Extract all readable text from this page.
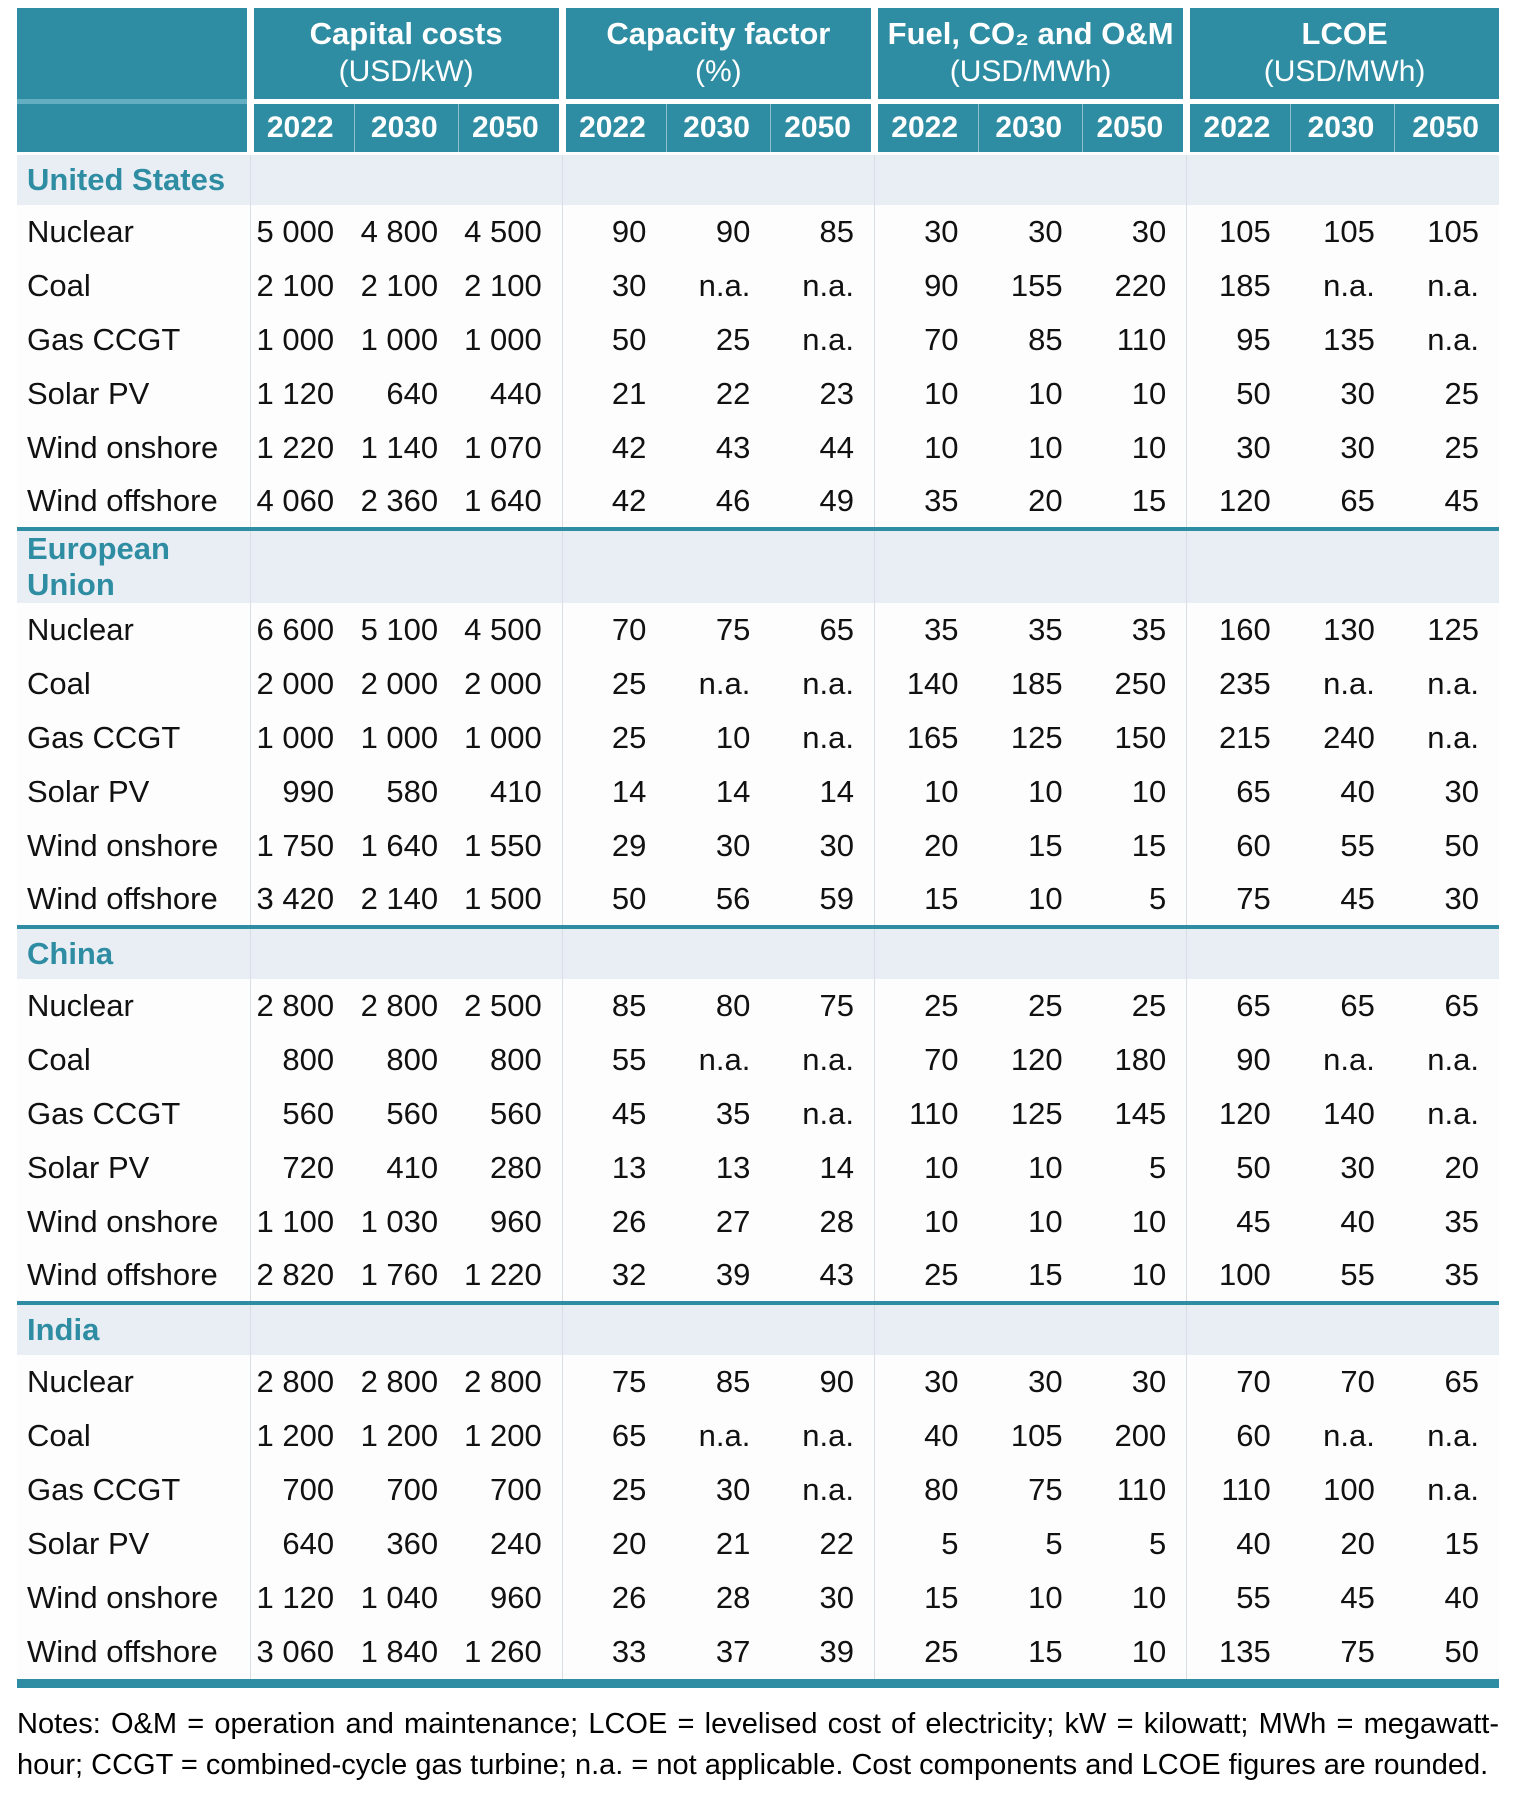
	Capital costs
(USD/kW)			Capacity factor
(%)			Fuel, CO₂ and O&M
(USD/MWh)			LCOE
(USD/MWh)		

	2022	2030	2050	2022	2030	2050	2022	2030	2050	2022	2030	2050
United States												
Nuclear	5 000	4 800	4 500	90	90	85	30	30	30	105	105	105
Coal	2 100	2 100	2 100	30	n.a.	n.a.	90	155	220	185	n.a.	n.a.
Gas CCGT	1 000	1 000	1 000	50	25	n.a.	70	85	110	95	135	n.a.
Solar PV	1 120	640	440	21	22	23	10	10	10	50	30	25
Wind onshore	1 220	1 140	1 070	42	43	44	10	10	10	30	30	25
Wind offshore	4 060	2 360	1 640	42	46	49	35	20	15	120	65	45
European Union												
Nuclear	6 600	5 100	4 500	70	75	65	35	35	35	160	130	125
Coal	2 000	2 000	2 000	25	n.a.	n.a.	140	185	250	235	n.a.	n.a.
Gas CCGT	1 000	1 000	1 000	25	10	n.a.	165	125	150	215	240	n.a.
Solar PV	990	580	410	14	14	14	10	10	10	65	40	30
Wind onshore	1 750	1 640	1 550	29	30	30	20	15	15	60	55	50
Wind offshore	3 420	2 140	1 500	50	56	59	15	10	5	75	45	30
China												
Nuclear	2 800	2 800	2 500	85	80	75	25	25	25	65	65	65
Coal	800	800	800	55	n.a.	n.a.	70	120	180	90	n.a.	n.a.
Gas CCGT	560	560	560	45	35	n.a.	110	125	145	120	140	n.a.
Solar PV	720	410	280	13	13	14	10	10	5	50	30	20
Wind onshore	1 100	1 030	960	26	27	28	10	10	10	45	40	35
Wind offshore	2 820	1 760	1 220	32	39	43	25	15	10	100	55	35
India												
Nuclear	2 800	2 800	2 800	75	85	90	30	30	30	70	70	65
Coal	1 200	1 200	1 200	65	n.a.	n.a.	40	105	200	60	n.a.	n.a.
Gas CCGT	700	700	700	25	30	n.a.	80	75	110	110	100	n.a.
Solar PV	640	360	240	20	21	22	5	5	5	40	20	15
Wind onshore	1 120	1 040	960	26	28	30	15	10	10	55	45	40
Wind offshore	3 060	1 840	1 260	33	37	39	25	15	10	135	75	50

Notes: O&M = operation and maintenance; LCOE = levelised cost of electricity; kW = kilowatt; MWh = megawatt-hour; CCGT = combined-cycle gas turbine; n.a. = not applicable. Cost components and LCOE figures are rounded.
